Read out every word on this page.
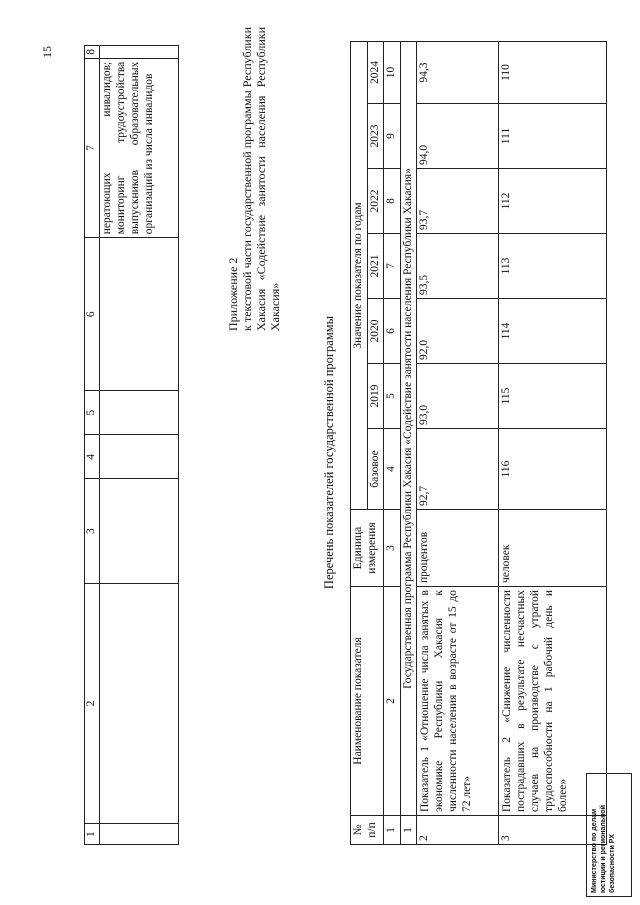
15
1	2	3	4	5	6	7	8
						нератоющих инвалидов; мониторинг трудоустройства выпускников образовательных организаций из числа инвалидов	
Приложение 2
к текстовой части государственной программы Республики Хакасия «Содействие занятости населения Республики Хакасия»
Перечень показателей государственной программы
№ п/п	Наименование показателя	Единица измерения	Значение показателя по годам						
			базовое	2019	2020	2021	2022	2023	2024
1	2	3	4	5	6	7	8	9	10
1	Государственная программа Республики Хакасия «Содействие занятости населения Республики Хакасия»								
2	Показатель 1 «Отношение числа занятых в экономике Республики Хакасия к численности населения в возрасте от 15 до 72 лет»	процентов	92,7	93,0	92,0	93,5	93,7	94,0	94,3
3	Показатель 2 «Снижение численности пострадавших в результате несчастных случаев на производстве с утратой трудоспособности на 1 рабочий день и более»	человек	116	115	114	113	112	111	110
Министерство по делам юстиции и региональной безопасности РХ
